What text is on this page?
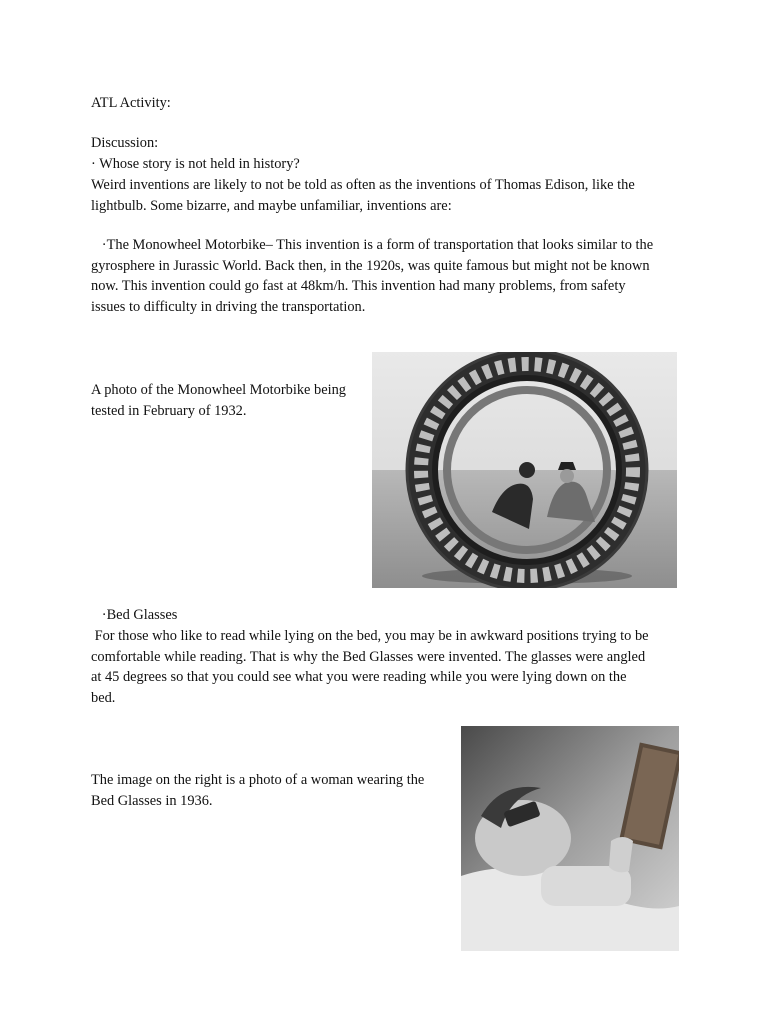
ATL Activity:
Discussion:
· Whose story is not held in history?
Weird inventions are likely to not be told as often as the inventions of Thomas Edison, like the
lightbulb. Some bizarre, and maybe unfamiliar, inventions are:
·The Monowheel Motorbike– This invention is a form of transportation that looks similar to the
gyrosphere in Jurassic World. Back then, in the 1920s, was quite famous but might not be known
now. This invention could go fast at 48km/h. This invention had many problems, from safety
issues to difficulty in driving the transportation.
A photo of the Monowheel Motorbike being
tested in February of 1932.
·Bed Glasses
For those who like to read while lying on the bed, you may be in awkward positions trying to be
comfortable while reading. That is why the Bed Glasses were invented. The glasses were angled
at 45 degrees so that you could see what you were reading while you were lying down on the
bed.
The image on the right is a photo of a woman wearing the
Bed Glasses in 1936.
